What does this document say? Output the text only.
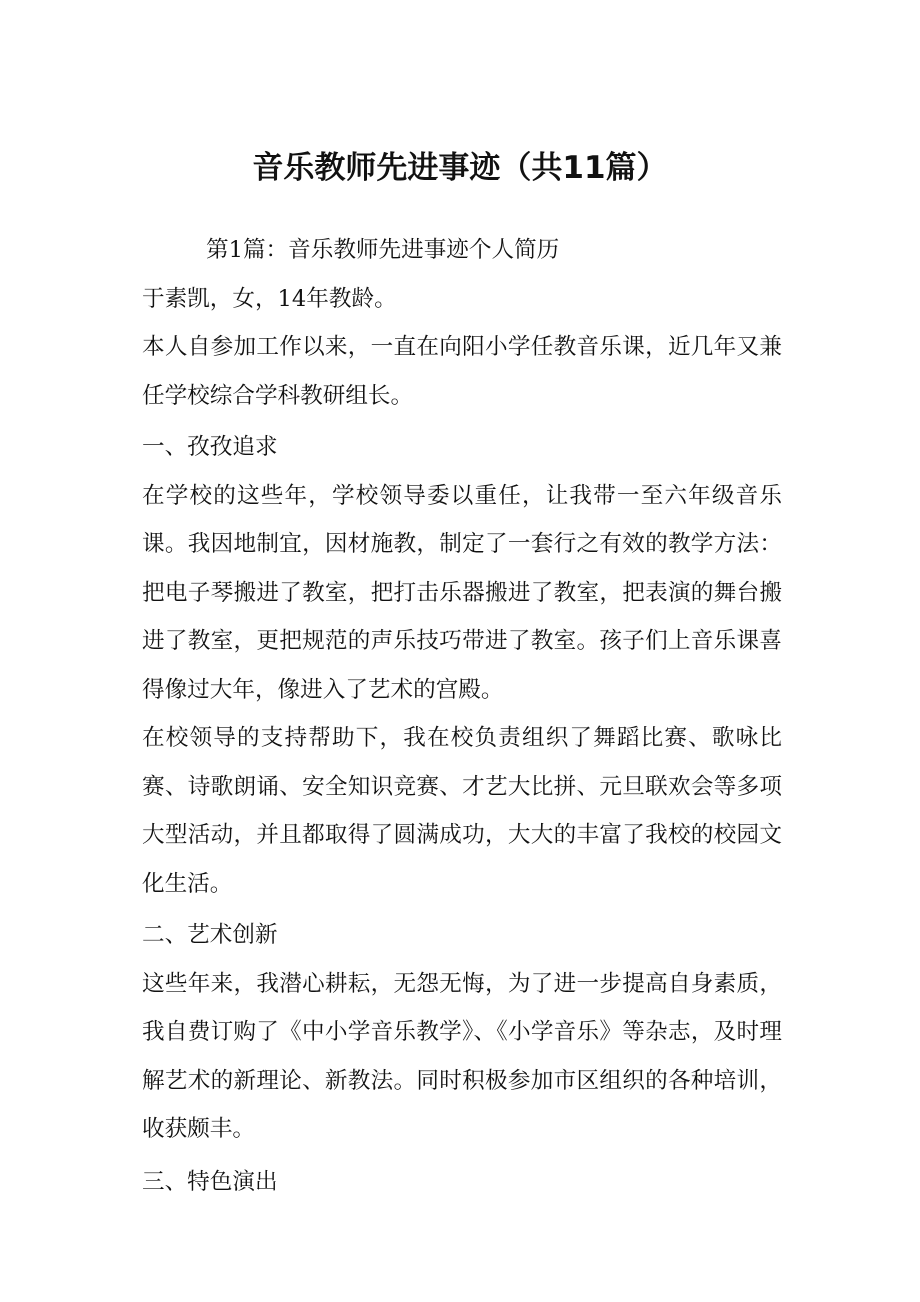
音乐教师先进事迹（共11篇）

第1篇：音乐教师先进事迹个人简历

于素凯，女，14年教龄。

本人自参加工作以来，一直在向阳小学任教音乐课，近几年又兼任学校综合学科教研组长。

一、孜孜追求

在学校的这些年，学校领导委以重任，让我带一至六年级音乐课。我因地制宜，因材施教，制定了一套行之有效的教学方法：把电子琴搬进了教室，把打击乐器搬进了教室，把表演的舞台搬进了教室，更把规范的声乐技巧带进了教室。孩子们上音乐课喜得像过大年，像进入了艺术的宫殿。

在校领导的支持帮助下，我在校负责组织了舞蹈比赛、歌咏比赛、诗歌朗诵、安全知识竞赛、才艺大比拼、元旦联欢会等多项大型活动，并且都取得了圆满成功，大大的丰富了我校的校园文化生活。

二、艺术创新

这些年来，我潜心耕耘，无怨无悔，为了进一步提高自身素质，我自费订购了《中小学音乐教学》、《小学音乐》等杂志，及时理解艺术的新理论、新教法。同时积极参加市区组织的各种培训，收获颇丰。

三、特色演出
